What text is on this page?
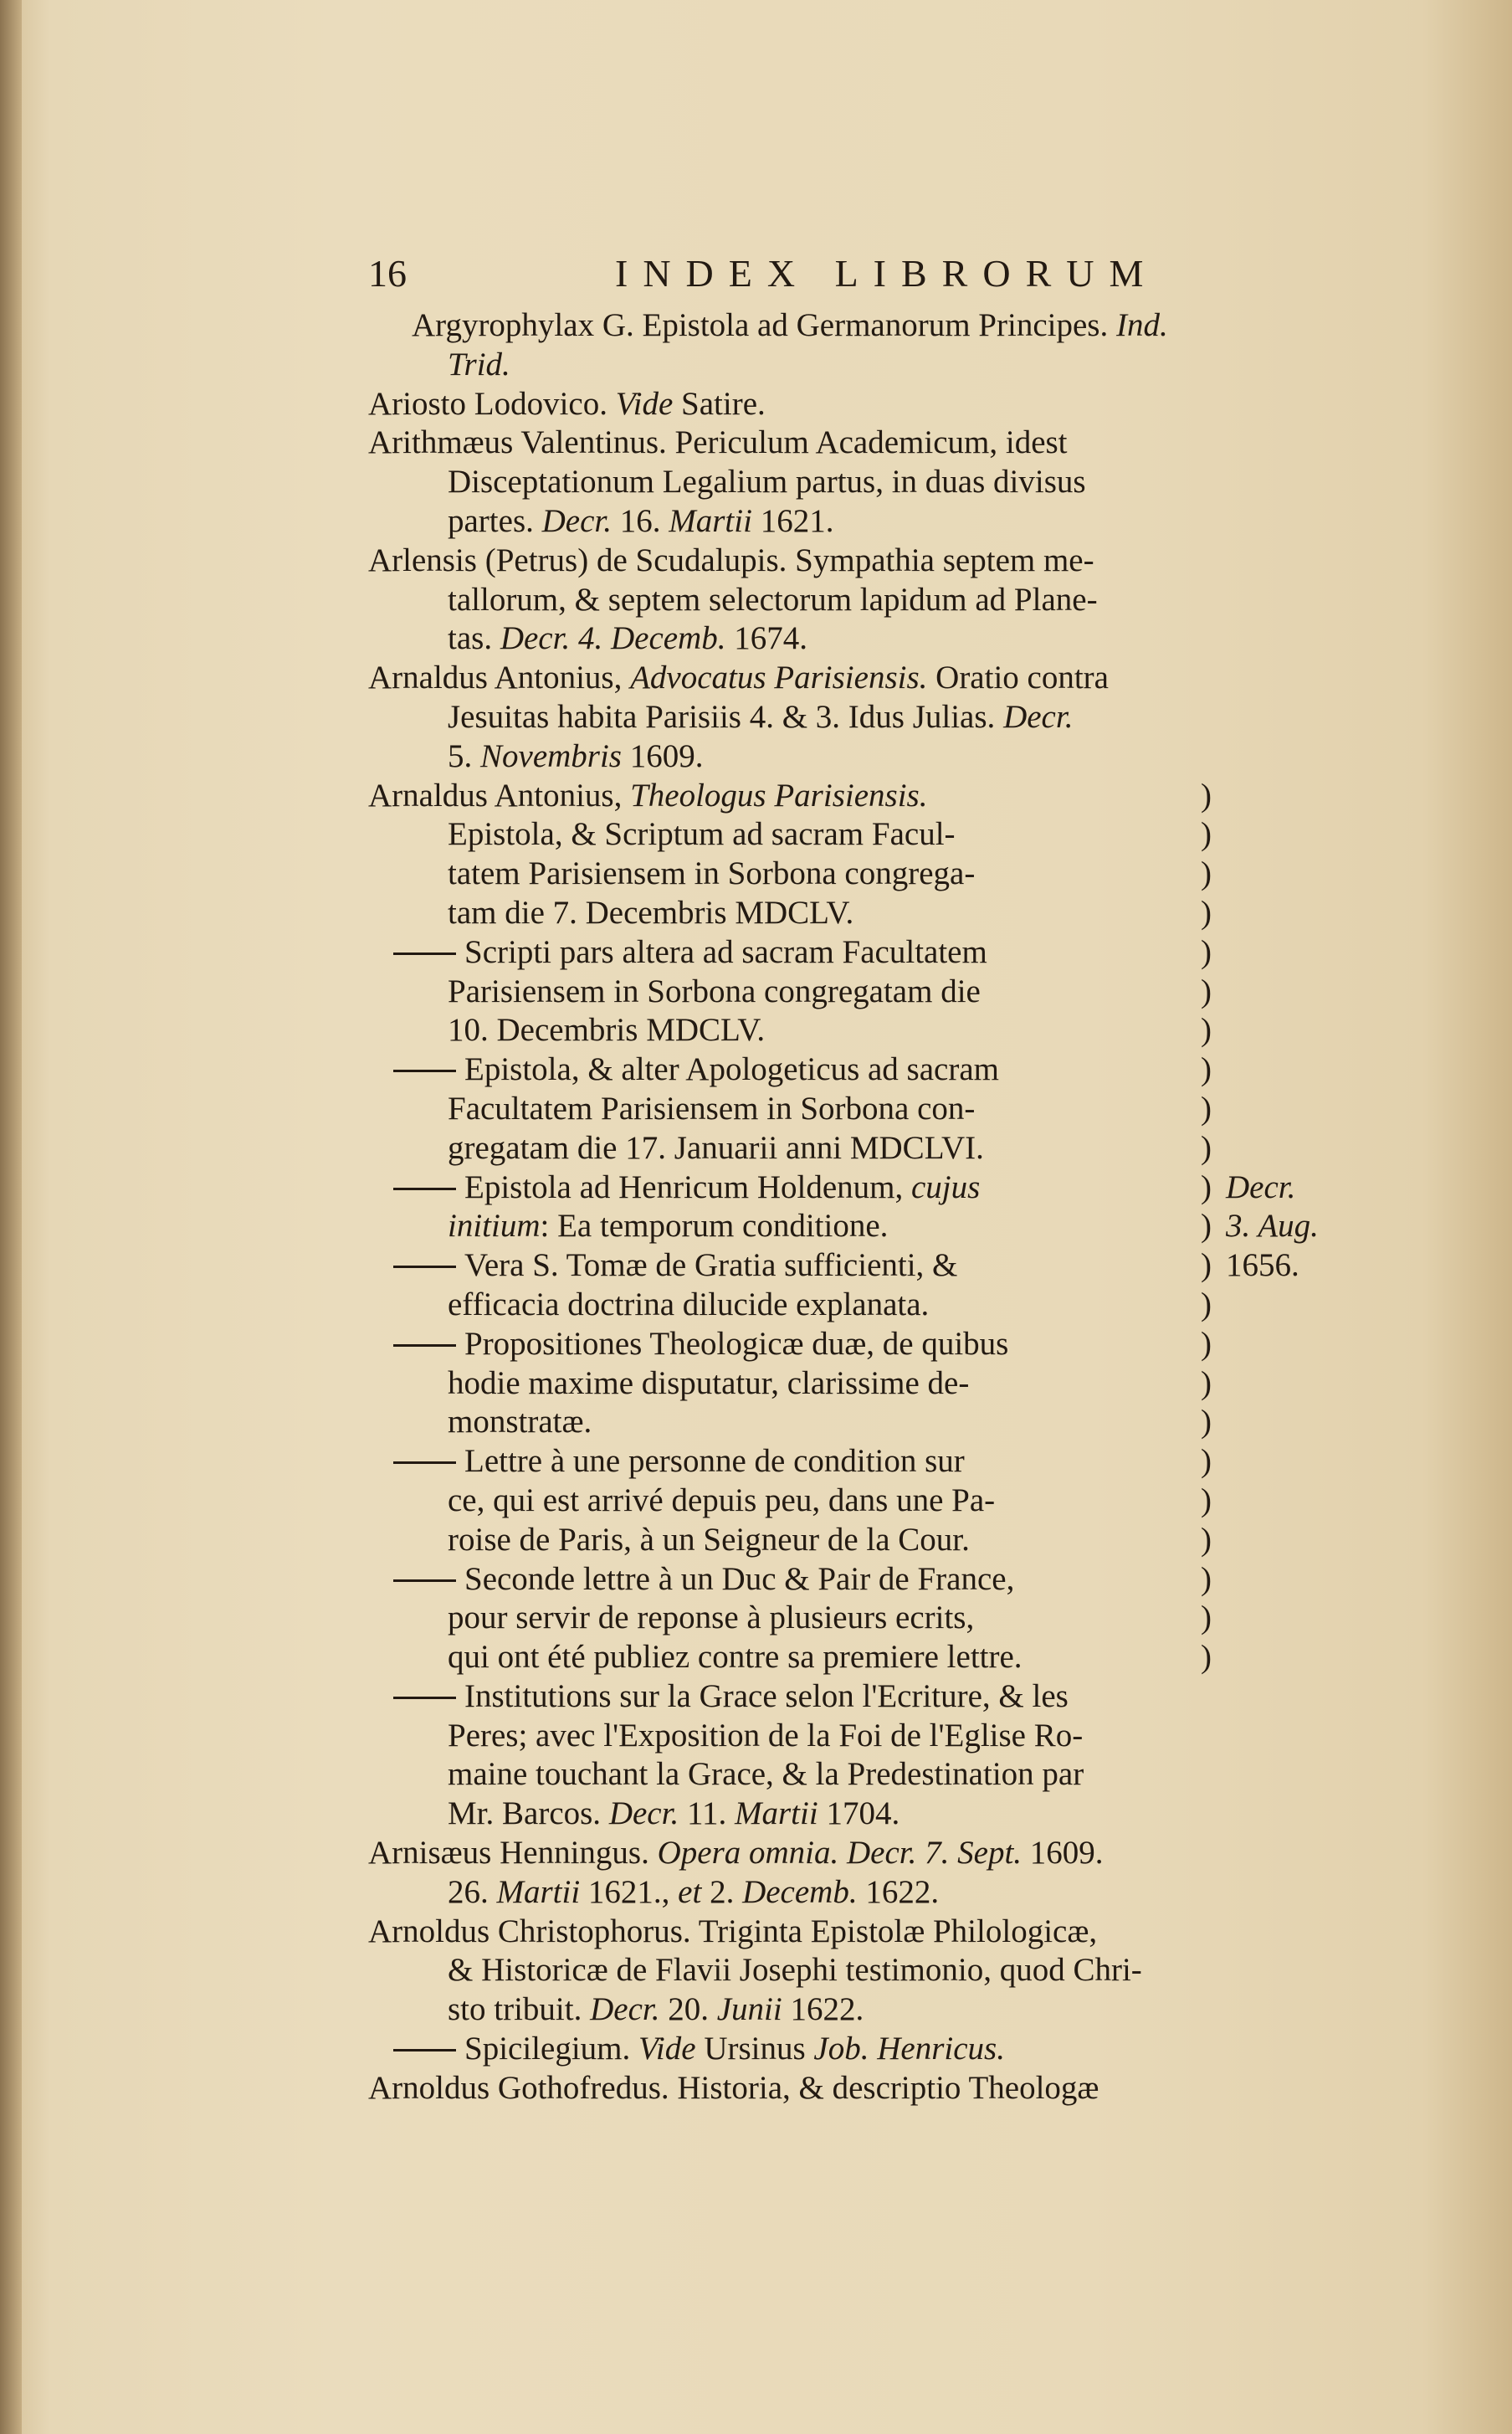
16	INDEX LIBRORUM
Argyrophylax G. Epistola ad Germanorum Principes. Ind.
Trid.
Ariosto Lodovico. Vide Satire.
Arithmæus Valentinus. Periculum Academicum, idest
Disceptationum Legalium partus, in duas divisus
partes. Decr. 16. Martii 1621.
Arlensis (Petrus) de Scudalupis. Sympathia septem me-
tallorum, & septem selectorum lapidum ad Plane-
tas. Decr. 4. Decemb. 1674.
Arnaldus Antonius, Advocatus Parisiensis. Oratio contra
Jesuitas habita Parisiis 4. & 3. Idus Julias. Decr.
5. Novembris 1609.
Arnaldus Antonius, Theologus Parisiensis.	)
Epistola, & Scriptum ad sacram Facul-	)
tatem Parisiensem in Sorbona congrega-	)
tam die 7. Decembris MDCLV.	)
Scripti pars altera ad sacram Facultatem	)
Parisiensem in Sorbona congregatam die	)
10. Decembris MDCLV.	)
Epistola, & alter Apologeticus ad sacram	)
Facultatem Parisiensem in Sorbona con-	)
gregatam die 17. Januarii anni MDCLVI.	)
Epistola ad Henricum Holdenum, cujus	) Decr.
initium: Ea temporum conditione.	) 3. Aug.
Vera S. Tomæ de Gratia sufficienti, &	) 1656.
efficacia doctrina dilucide explanata.	)
Propositiones Theologicæ duæ, de quibus	)
hodie maxime disputatur, clarissime de-	)
monstratæ.	)
Lettre à une personne de condition sur	)
ce, qui est arrivé depuis peu, dans une Pa-	)
roise de Paris, à un Seigneur de la Cour.	)
Seconde lettre à un Duc & Pair de France,	)
pour servir de reponse à plusieurs ecrits,	)
qui ont été publiez contre sa premiere lettre.	)
Institutions sur la Grace selon l'Ecriture, & les
Peres; avec l'Exposition de la Foi de l'Eglise Ro-
maine touchant la Grace, & la Predestination par
Mr. Barcos. Decr. 11. Martii 1704.
Arnisæus Henningus. Opera omnia. Decr. 7. Sept. 1609.
26. Martii 1621., et 2. Decemb. 1622.
Arnoldus Christophorus. Triginta Epistolæ Philologicæ,
& Historicæ de Flavii Josephi testimonio, quod Chri-
sto tribuit. Decr. 20. Junii 1622.
Spicilegium. Vide Ursinus Job. Henricus.
Arnoldus Gothofredus. Historia, & descriptio Theologæ
